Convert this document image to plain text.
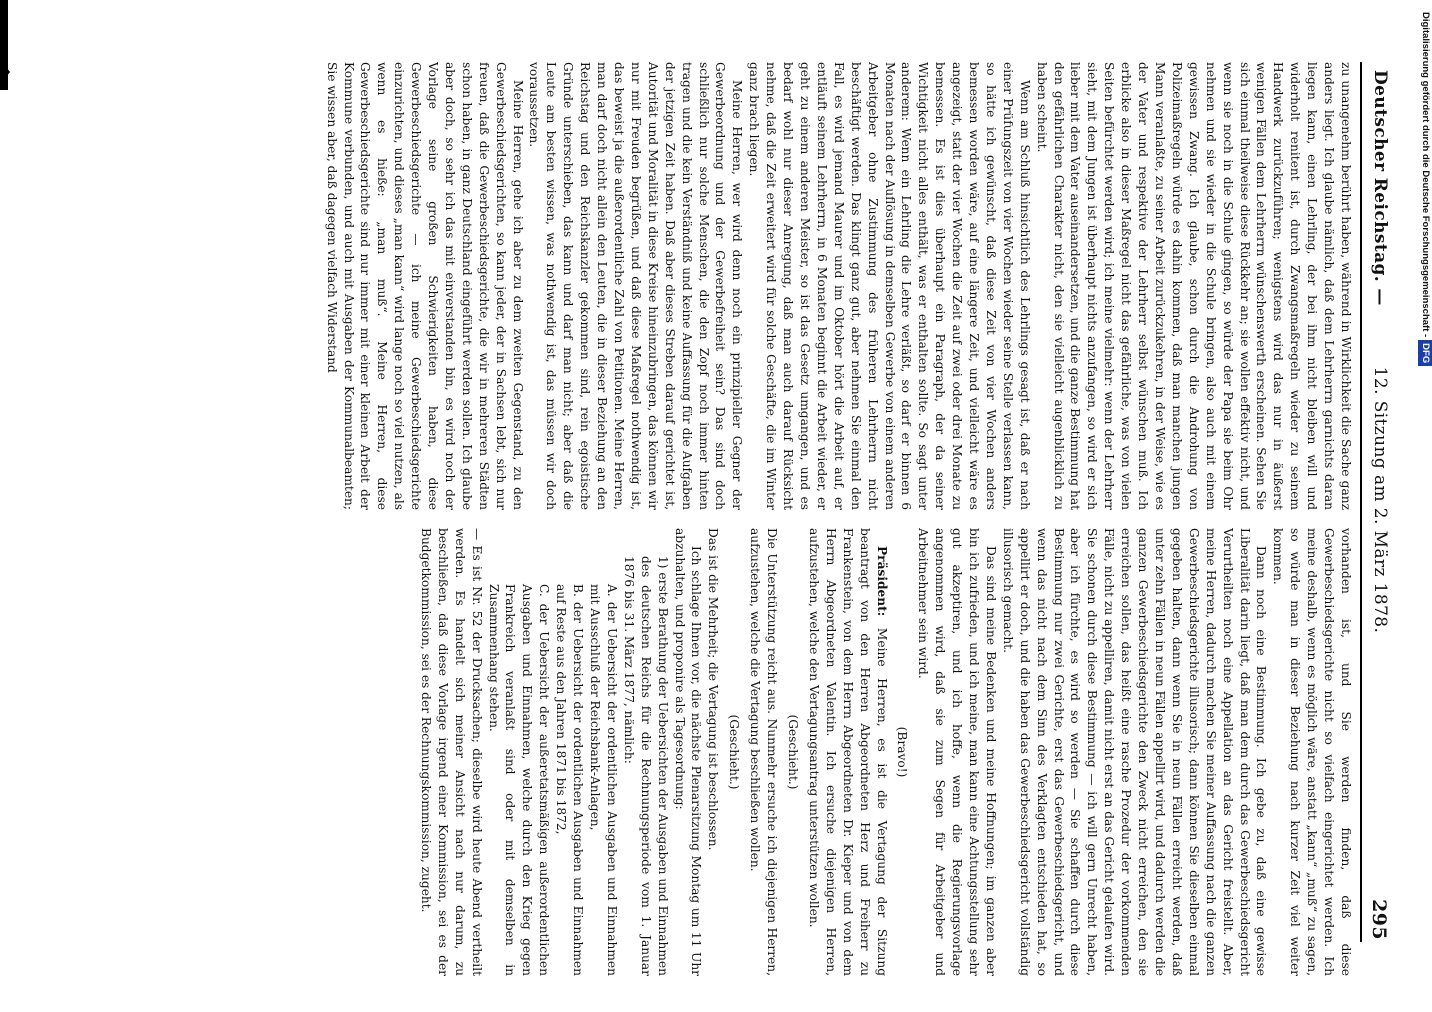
Deutscher Reichstag. —
12. Sitzung am 2. März 1878.
295

zu unangenehm berührt haben, während in Wirklichkeit die Sache ganz anders liegt. Ich glaube nämlich, daß dem Lehrherrn garnichts daran liegen kann, einen Lehrling, der bei ihm nicht bleiben will und widerholt renitent ist, durch Zwangsmaßregeln wieder zu seinem Handwerk zurückzuführen; wenigstens wird das nur in äußerst wenigen Fällen dem Lehrherrn wünschenswerth erscheinen. Sehen Sie sich einmal theilweise diese Rückkehr an; sie wollen effektiv nicht, und wenn sie noch in die Schule gingen, so würde der Papa sie beim Ohr nehmen und sie wieder in die Schule bringen, also auch mit einem gewissen Zwang. Ich glaube, schon durch die Androhung von Polizeimaßregeln würde es dahin kommen, daß man manchen jungen Mann veranlaßte, zu seiner Arbeit zurückzukehren, in der Weise, wie es der Vater und respektive der Lehrherr selbst wünschen muß. Ich erblicke also in dieser Maßregel nicht das gefährliche, was von vielen Seiten befürchtet werden wird; ich meine vielmehr: wenn der Lehrherr sieht, mit dem Jungen ist überhaupt nichts anzufangen, so wird er sich lieber mit dem Vater auseinandersetzen, und die ganze Bestimmung hat den gefährlichen Charakter nicht, den sie vielleicht augenblicklich zu haben scheint.

Wenn am Schluß hinsichtlich des Lehrlings gesagt ist, daß er nach einer Prüfungszeit von vier Wochen wieder seine Stelle verlassen kann, so hätte ich gewünscht, daß diese Zeit von vier Wochen anders bemessen worden wäre, auf eine längere Zeit, und vielleicht wäre es angezeigt, statt der vier Wochen die Zeit auf zwei oder drei Monate zu bemessen. Es ist dies überhaupt ein Paragraph, der da seiner Wichtigkeit nicht alles enthält, was er enthalten sollte. So sagt unter anderem: Wenn ein Lehrling die Lehre verläßt, so darf er binnen 6 Monaten nach der Auflösung in demselben Gewerbe von einem anderen Arbeitgeber ohne Zustimmung des früheren Lehrherrn nicht beschäftigt werden. Das klingt ganz gut, aber nehmen Sie einmal den Fall, es wird jemand Maurer und im Oktober hört die Arbeit auf, er entläuft seinem Lehrherrn, in 6 Monaten beginnt die Arbeit wieder, er geht zu einem anderen Meister, so ist das Gesetz umgangen, und es bedarf wohl nur dieser Anregung, daß man auch darauf Rücksicht nehme, daß die Zeit erweitert wird für solche Geschäfte, die im Winter ganz brach liegen.

Meine Herren, wer wird denn noch ein prinzipieller Gegner der Gewerbeordnung und der Gewerbefreiheit sein? Das sind doch schließlich nur solche Menschen, die den Zopf noch immer hinten tragen und die kein Verständniß und keine Auffassung für die Aufgaben der jetzigen Zeit haben. Daß aber dieses Streben darauf gerichtet ist, Autorität und Moralität in diese Kreise hineinzubringen, das können wir nur mit Freuden begrüßen, und daß diese Maßregel nothwendig ist, das beweist ja die außerordentliche Zahl von Petitionen. Meine Herren, man darf doch nicht allein den Leuten, die in dieser Beziehung an den Reichstag und den Reichskanzler gekommen sind, rein egoistische Gründe unterschieben, das kann und darf man nicht; aber daß die Leute am besten wissen, was nothwendig ist, das müssen wir doch voraussetzen.

Meine Herren, gehe ich aber zu dem zweiten Gegenstand, zu den Gewerbeschiedsgerichten, so kann jeder, der in Sachsen lebt, sich nur freuen, daß die Gewerbeschiedsgerichte, die wir in mehreren Städten schon haben, in ganz Deutschland eingeführt werden sollen. Ich glaube aber doch, so sehr ich das mit einverstanden bin, es wird noch der Vorlage seine großen Schwierigkeiten haben, diese Gewerbeschiedsgerichte — ich meine Gewerbeschiedsgerichte einzurichten, und dieses „man kann“ wird lange noch so viel nutzen, als wenn es hieße: „man muß“. Meine Herren, diese Gewerbeschiedsgerichte sind nur immer mit einer kleinen Arbeit der Kommune verbunden, und auch mit Ausgaben der Kommunalbeamten; Sie wissen aber, daß dagegen vielfach Widerstand

vorhanden ist, und Sie werden finden, daß diese Gewerbeschiedsgerichte nicht so vielfach eingerichtet werden. Ich meine deshalb, wenn es möglich wäre, anstatt „kann“ „muß“ zu sagen, so würde man in dieser Beziehung nach kurzer Zeit viel weiter kommen.

Dann noch eine Bestimmung. Ich gebe zu, daß eine gewisse Liberalität darin liegt, daß man dem durch das Gewerbeschiedsgericht Verurtheilten noch eine Appellation an das Gericht freistellt. Aber, meine Herren, dadurch machen Sie meiner Auffassung nach die ganzen Gewerbeschiedsgerichte illusorisch; dann können Sie dieselben einmal gegeben halten, dann wenn Sie in neun Fällen erreicht werden, daß unter zehn Fällen in neun Fällen appellirt wird, und dadurch werden die ganzen Gewerbeschiedsgerichte den Zweck nicht erreichen, den sie erreichen sollen, das heißt eine rasche Prozedur der vorkommenden Fälle, nicht zu appelliren, damit nicht erst an das Gericht gelaufen wird. Sie schonen durch diese Bestimmung — ich will gern Unrecht haben, aber ich fürchte, es wird so werden — Sie schaffen durch diese Bestimmung nur zwei Gerichte, erst das Gewerbeschiedsgericht, und wenn das nicht nach dem Sinn des Verklagten entschieden hat, so appellirt er doch, und die haben das Gewerbeschiedsgericht vollständig illusorisch gemacht.

Das sind meine Bedenken und meine Hoffnungen; im ganzen aber bin ich zufrieden, und ich meine, man kann eine Achtungsstellung sehr gut akzeptiren, und ich hoffe, wenn die Regierungsvorlage angenommen wird, daß sie zum Segen für Arbeitgeber und Arbeitnehmer sein wird.

(Bravo!)

Präsident: Meine Herren, es ist die Vertagung der Sitzung beantragt von den Herren Abgeordneten Herz und Freiherr zu Frankenstein, von dem Herrn Abgeordneten Dr. Kieper und von dem Herrn Abgeordneten Valentin. Ich ersuche diejenigen Herren, aufzustehen, welche den Vertagungsantrag unterstützen wollen.

(Geschieht.)

Die Unterstützung reicht aus. Nunmehr ersuche ich diejenigen Herren, aufzustehen, welche die Vertagung beschließen wollen.

(Geschieht.)

Das ist die Mehrheit; die Vertagung ist beschlossen.

Ich schlage Ihnen vor, die nächste Plenarsitzung Montag um 11 Uhr abzuhalten, und proponire als Tagesordnung:

1) erste Berathung der Uebersichten der Ausgaben und Einnahmen des deutschen Reichs für die Rechnungsperiode vom 1. Januar 1876 bis 31. März 1877, nämlich:

A. der Uebersicht der ordentlichen Ausgaben und Einnahmen mit Ausschluß der Reichsbank-Anlagen,

B. der Uebersicht der ordentlichen Ausgaben und Einnahmen auf Reste aus den Jahren 1871 bis 1872,

C. der Uebersicht der außeretatsmäßigen außerordentlichen Ausgaben und Einnahmen, welche durch den Krieg gegen Frankreich veranlaßt sind oder mit demselben in Zusammenhang stehen.

— Es ist Nr. 52 der Drucksachen; dieselbe wird heute Abend vertheilt werden. Es handelt sich meiner Ansicht nach nur darum, zu beschließen, daß diese Vorlage irgend einer Kommission, sei es der Budgetkommission, sei es der Rechnungskommission, zugeht.

Digitalisierung gefördert durch die Deutsche Forschungsgemeinschaft -DFG
